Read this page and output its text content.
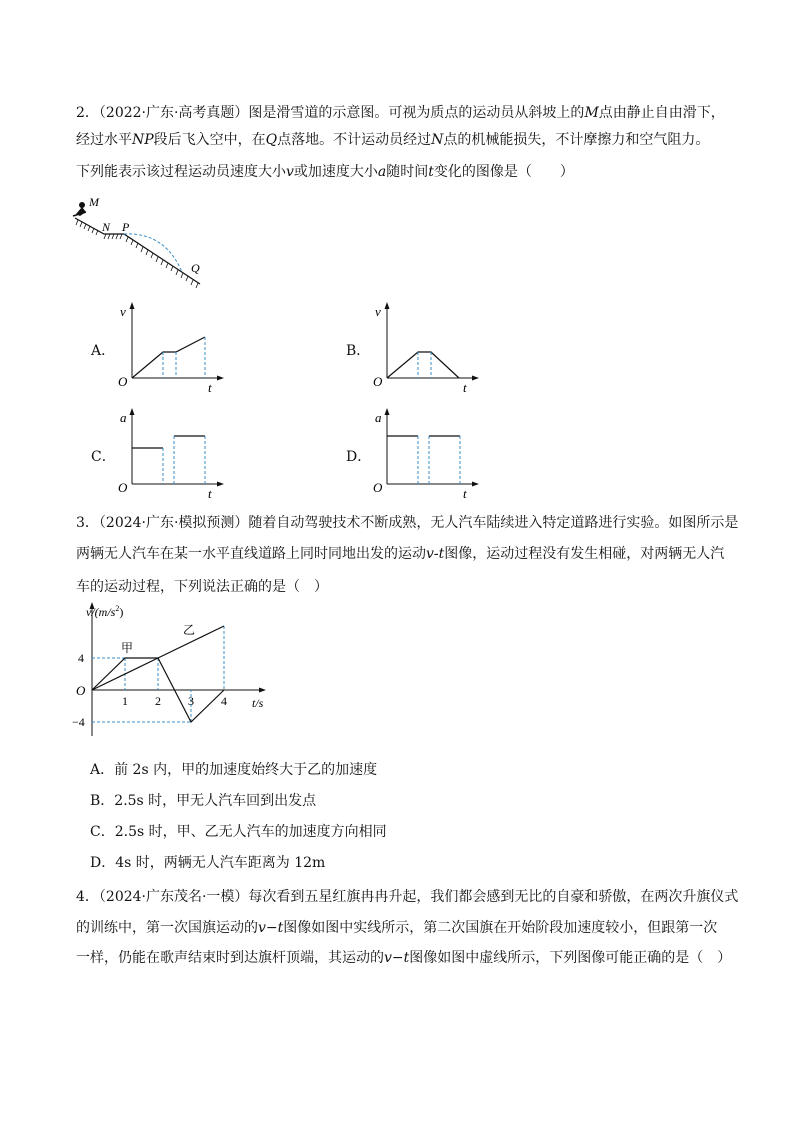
2．（2022·广东·高考真题）图是滑雪道的示意图。可视为质点的运动员从斜坡上的M点由静止自由滑下，
经过水平NP段后飞入空中，在Q点落地。不计运动员经过N点的机械能损失，不计摩擦力和空气阻力。
下列能表示该过程运动员速度大小v或加速度大小a随时间t变化的图像是（　　）
M
N P
Q
A．
v
O	t
B．
v
O	t
C．
a
O	t
D．
a
O	t
3．（2024·广东·模拟预测）随着自动驾驶技术不断成熟，无人汽车陆续进入特定道路进行实验。如图所示是
两辆无人汽车在某一水平直线道路上同时同地出发的运动v-t图像，运动过程没有发生相碰，对两辆无人汽
车的运动过程，下列说法正确的是（　）
$v/(m/s^2)$
t/s
O
1 2 3 4
4
−4
甲
乙
A．前 2s 内，甲的加速度始终大于乙的加速度
B．2.5s 时，甲无人汽车回到出发点
C．2.5s 时，甲、乙无人汽车的加速度方向相同
D．4s 时，两辆无人汽车距离为 12m
4．（2024·广东茂名·一模）每次看到五星红旗冉冉升起，我们都会感到无比的自豪和骄傲，在两次升旗仪式
的训练中，第一次国旗运动的v−t图像如图中实线所示，第二次国旗在开始阶段加速度较小，但跟第一次
一样，仍能在歌声结束时到达旗杆顶端，其运动的v−t图像如图中虚线所示，下列图像可能正确的是（　）
